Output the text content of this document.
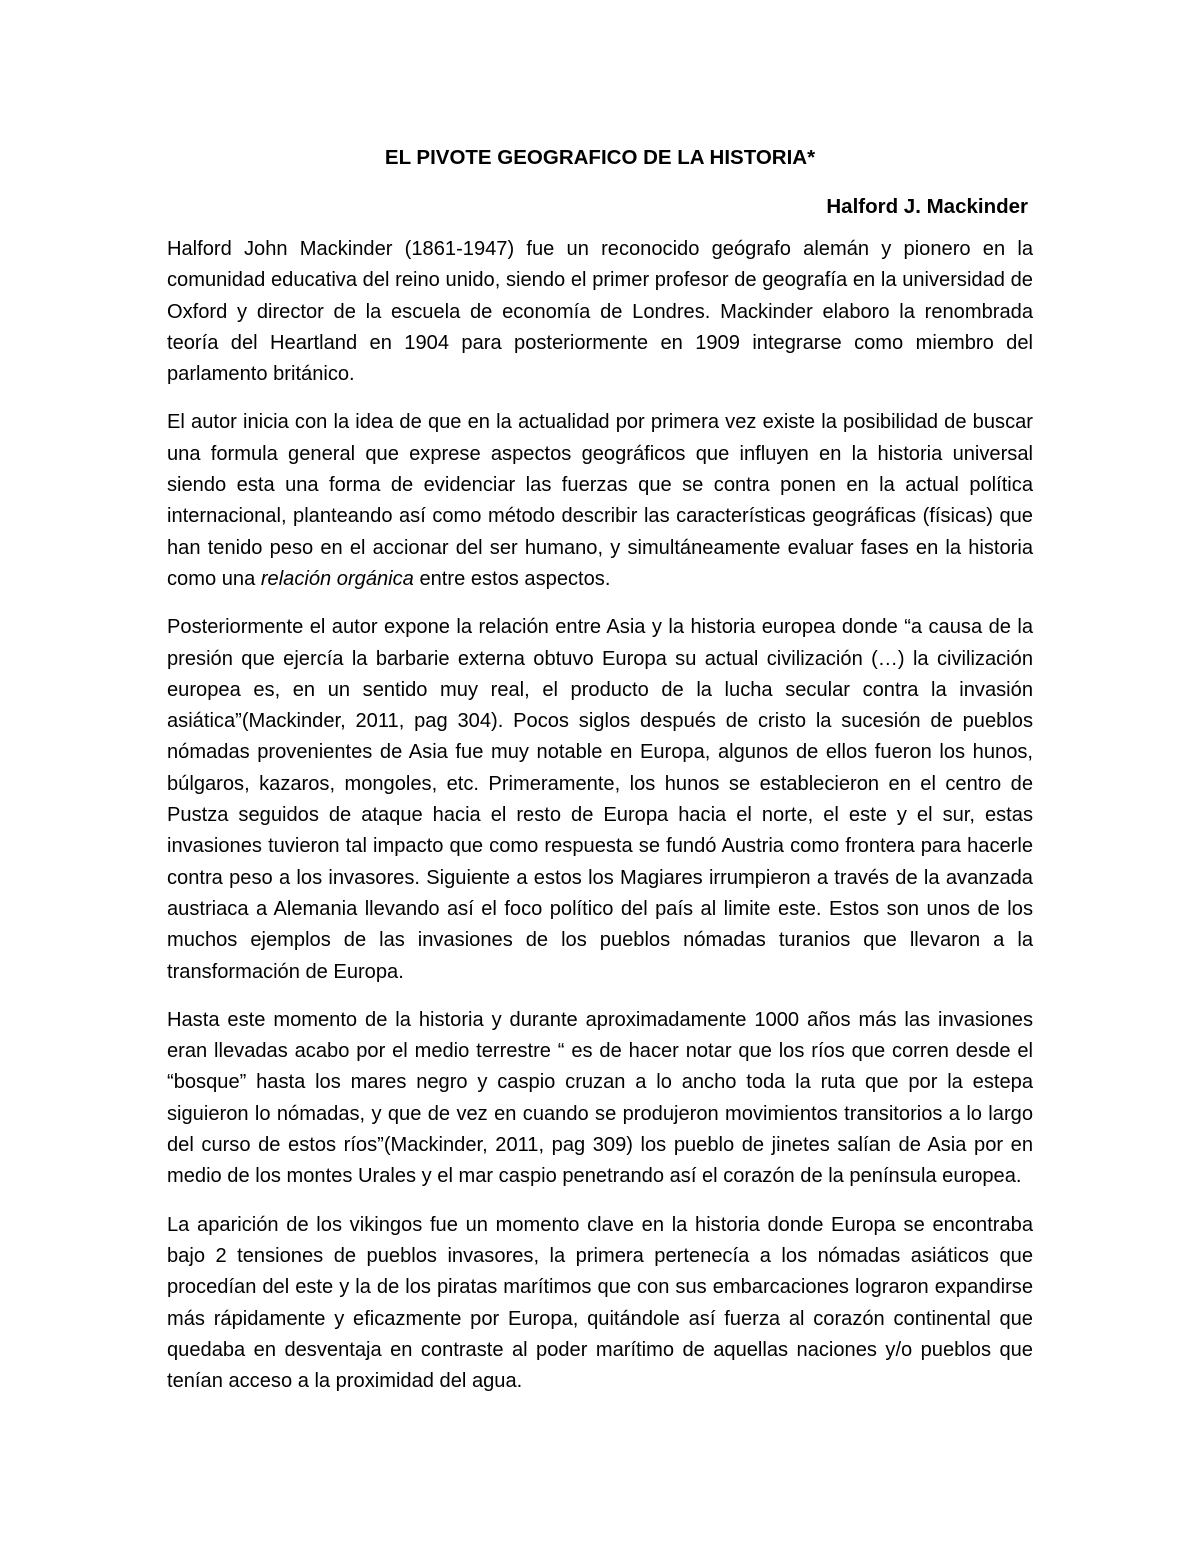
EL PIVOTE GEOGRAFICO DE LA HISTORIA*

Halford J. Mackinder

Halford John Mackinder (1861-1947) fue un reconocido geógrafo alemán y pionero en la comunidad educativa del reino unido, siendo el primer profesor de geografía en la universidad de Oxford y director de la escuela de economía de Londres. Mackinder elaboro la renombrada teoría del Heartland en 1904 para posteriormente en 1909 integrarse como miembro del parlamento británico.

El autor inicia con la idea de que en la actualidad por primera vez existe la posibilidad de buscar una formula general que exprese aspectos geográficos que influyen en la historia universal siendo esta una forma de evidenciar las fuerzas que se contra ponen en la actual política internacional, planteando así como método describir las características geográficas (físicas) que han tenido peso en el accionar del ser humano, y simultáneamente evaluar fases en la historia como una relación orgánica entre estos aspectos.

Posteriormente el autor expone la relación entre Asia y la historia europea donde “a causa de la presión que ejercía la barbarie externa obtuvo Europa su actual civilización (…) la civilización europea es, en un sentido muy real, el producto de la lucha secular contra la invasión asiática”(Mackinder, 2011, pag 304). Pocos siglos después de cristo la sucesión de pueblos nómadas provenientes de Asia fue muy notable en Europa, algunos de ellos fueron los hunos, búlgaros, kazaros, mongoles, etc. Primeramente, los hunos se establecieron en el centro de Pustza seguidos de ataque hacia el resto de Europa hacia el norte, el este y el sur, estas invasiones tuvieron tal impacto que como respuesta se fundó Austria como frontera para hacerle contra peso a los invasores. Siguiente a estos los Magiares irrumpieron a través de la avanzada austriaca a Alemania llevando así el foco político del país al limite este. Estos son unos de los muchos ejemplos de las invasiones de los pueblos nómadas turanios que llevaron a la transformación de Europa.

Hasta este momento de la historia y durante aproximadamente 1000 años más las invasiones eran llevadas acabo por el medio terrestre “ es de hacer notar que los ríos que corren desde el “bosque” hasta los mares negro y caspio cruzan a lo ancho toda la ruta que por la estepa siguieron lo nómadas, y que de vez en cuando se produjeron movimientos transitorios a lo largo del curso de estos ríos”(Mackinder, 2011, pag 309) los pueblo de jinetes salían de Asia por en medio de los montes Urales y el mar caspio penetrando así el corazón de la península europea.

La aparición de los vikingos fue un momento clave en la historia donde Europa se encontraba bajo 2 tensiones de pueblos invasores, la primera pertenecía a los nómadas asiáticos que procedían del este y la de los piratas marítimos que con sus embarcaciones lograron expandirse más rápidamente y eficazmente por Europa, quitándole así fuerza al corazón continental que quedaba en desventaja en contraste al poder marítimo de aquellas naciones y/o pueblos que tenían acceso a la proximidad del agua.
